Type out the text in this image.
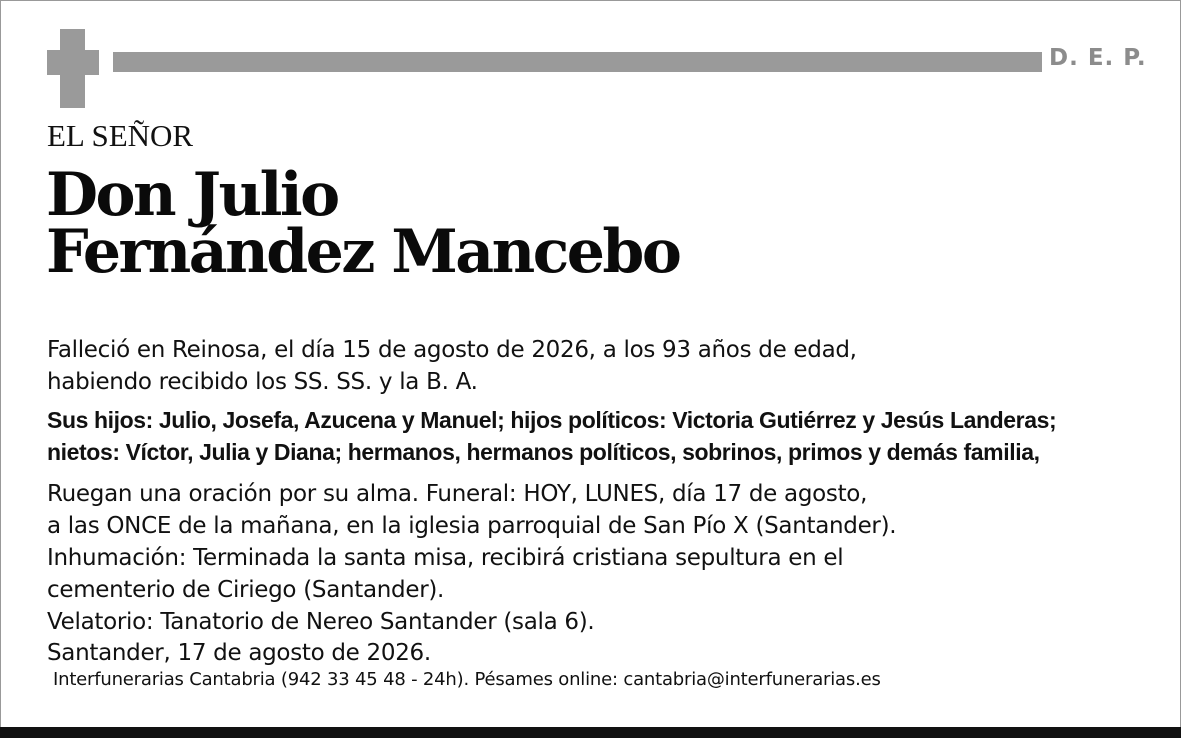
D. E. P.
EL SEÑOR
Don Julio
Fernández Mancebo
Falleció en Reinosa, el día 15 de agosto de 2026, a los 93 años de edad,
habiendo recibido los SS. SS. y la B. A.
Sus hijos: Julio, Josefa, Azucena y Manuel; hijos políticos: Victoria Gutiérrez y Jesús Landeras;
nietos: Víctor, Julia y Diana; hermanos, hermanos políticos, sobrinos, primos y demás familia,
Ruegan una oración por su alma. Funeral: HOY, LUNES, día 17 de agosto,
a las ONCE de la mañana, en la iglesia parroquial de San Pío X (Santander).
Inhumación: Terminada la santa misa, recibirá cristiana sepultura en el
cementerio de Ciriego (Santander).
Velatorio: Tanatorio de Nereo Santander (sala 6).
Santander, 17 de agosto de 2026.
Interfunerarias Cantabria (942 33 45 48 - 24h). Pésames online: cantabria@interfunerarias.es
